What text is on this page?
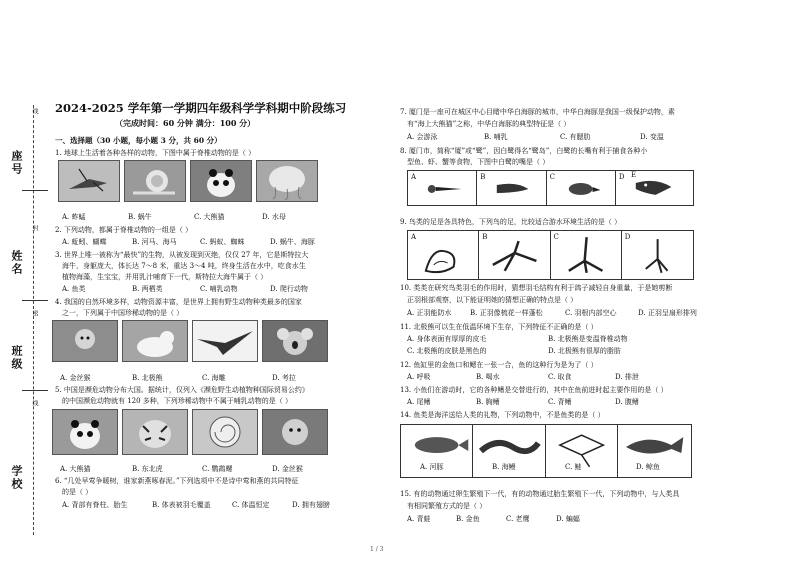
座号
姓名
班级
学校
线
封
密
线
2024-2025 学年第一学期四年级科学学科期中阶段练习
（完成时间：60 分钟 满分：100 分）
一、选择题（30 小题，每小题 3 分，共 60 分）
1. 地球上生活着各种各样的动物，下图中属于脊椎动物的是（ ）
A. 蚱蜢	B. 蜗牛	C. 大熊猫	D. 水母
2. 下列动物，都属于脊椎动物的一组是（ ）
A. 蚯蚓、蝴蝶	B. 河马、海马	C. 蚂蚁、蜘蛛	D. 蜗牛、海豚
3. 世界上唯一被称为“最快”的生物，从被发现到灭绝，仅仅 27 年，它是斯特拉大
海牛，身躯庞大，体长达 7～8 米，重达 3～4 吨，终身生活在水中，吃食水生
植物海藻，生宝宝，并用乳汁哺育下一代，斯特拉大海牛属于（ ）
A. 鱼类	B. 两栖类	C. 哺乳动物	D. 爬行动物
4. 我国的自然环境多样，动物资源丰富，是世界上拥有野生动物种类最多的国家
之一，下列属于中国珍稀动物的是（ ）
A. 金丝猴	B. 北极熊	C. 海雕	D. 考拉
5. 中国是濒危动物分布大国。据统计，仅列入《濒危野生动植物种国际贸易公约》
的中国濒危动物就有 120 多种，下列珍稀动物中不属于哺乳动物的是（ ）
A. 大熊猫	B. 东北虎	C. 鹦鹉螺	D. 金丝猴
6. “几处早莺争暖树，谁家新燕啄春泥。”下列选项中不是诗中莺和燕的共同特征
的是（ ）
A. 背部有脊柱、胎生	B. 体表被羽毛覆盖	C. 体温恒定	D. 拥有翅膀
7. 厦门是一座可在城区中心目睹中华白海豚的城市，中华白海豚是我国一级保护动物，素
有“海上大熊猫”之称，中华白海豚的典型特征是（ ）
A. 会游泳	B. 哺乳	C. 有腮肋	D. 变温
8. 厦门市，简称“厦”或“鹭”，因白鹭得名“鹭岛”，白鹭的长嘴有利于捕食各种小
型鱼、虾、蟹等食物，下图中白鹭的嘴是（ ）
A	B	C	D E
9. 鸟类的足是各具特色，下列鸟的足，比较适合游水环境生活的是（ ）
A	B	C	D
10. 类类在研究鸟类羽毛的作用时，猜想羽毛结构有利于鸽子减轻自身重量，于是她剪断
正羽根部观察，以下能证明她的猜想正确的特点是（ ）
A. 正羽能防水	B. 正羽像梳花一样蓬松	C. 羽根内部空心	D. 正羽呈扇形排列
11. 北极熊可以生在低温环境下生存，下列特征不正确的是（ ）
A. 身体表面有厚厚的皮毛	B. 北极熊是变温脊椎动物
C. 北极熊的皮肤是黑色的	D. 北极熊有很厚的脂肪
12. 鱼缸里的金鱼口和鳃在一张一合，鱼的这种行为是为了（ ）
A. 呼吸	B. 喝水	C. 取食	D. 排泄
13. 小鱼们在游动时，它的各种鳍是交替进行的，其中在鱼前进时起主要作用的是（ ）
A. 尾鳍	B. 胸鳍	C. 背鳍	D. 腹鳍
14. 鱼类是海洋送给人类的礼物，下列动物中，不是鱼类的是（ ）
A. 河豚	B. 海鳗	C. 鲢	D. 鲸鱼
15. 有的动物通过卵生繁殖下一代，有的动物通过胎生繁殖下一代，下列动物中，与人类具
有相同繁殖方式的是（ ）
A. 青蛙	B. 金鱼	C. 老鹰	D. 蝙蝠
1 / 3
